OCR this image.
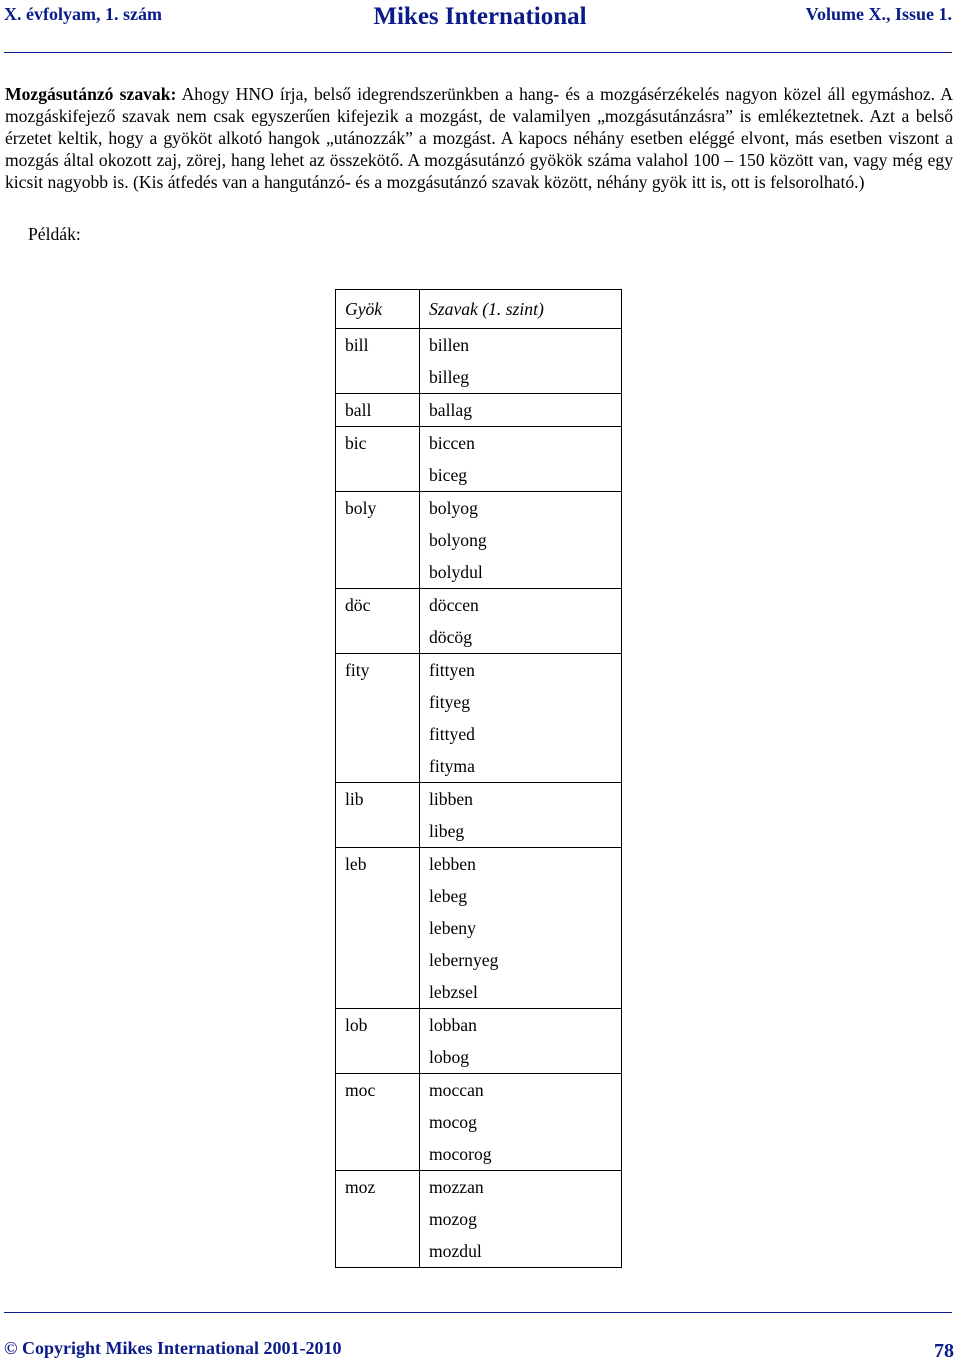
X. évfolyam, 1. szám	Mikes International	Volume X., Issue 1.
Mozgásutánzó szavak: Ahogy HNO írja, belső idegrendszerünkben a hang- és a mozgásérzékelés nagyon közel áll egymáshoz. A mozgáskifejező szavak nem csak egyszerűen kifejezik a mozgást, de valamilyen „mozgásutánzásra” is emlékeztetnek. Azt a belső érzetet keltik, hogy a gyököt alkotó hangok „utánozzák” a mozgást. A kapocs néhány esetben eléggé elvont, más esetben viszont a mozgás által okozott zaj, zörej, hang lehet az összekötő. A mozgásutánzó gyökök száma valahol 100 – 150 között van, vagy még egy kicsit nagyobb is. (Kis átfedés van a hangutánzó- és a mozgásutánzó szavak között, néhány gyök itt is, ott is felsorolható.)
Példák:
Gyök	Szavak (1. szint)
bill	billen
	billeg
ball	ballag
bic	biccen
	biceg
boly	bolyog
	bolyong
	bolydul
döc	döccen
	döcög
fity	fittyen
	fityeg
	fittyed
	fityma
lib	libben
	libeg
leb	lebben
	lebeg
	lebeny
	lebernyeg
	lebzsel
lob	lobban
	lobog
moc	moccan
	mocog
	mocorog
moz	mozzan
	mozog
	mozdul
© Copyright Mikes International 2001-2010	78
